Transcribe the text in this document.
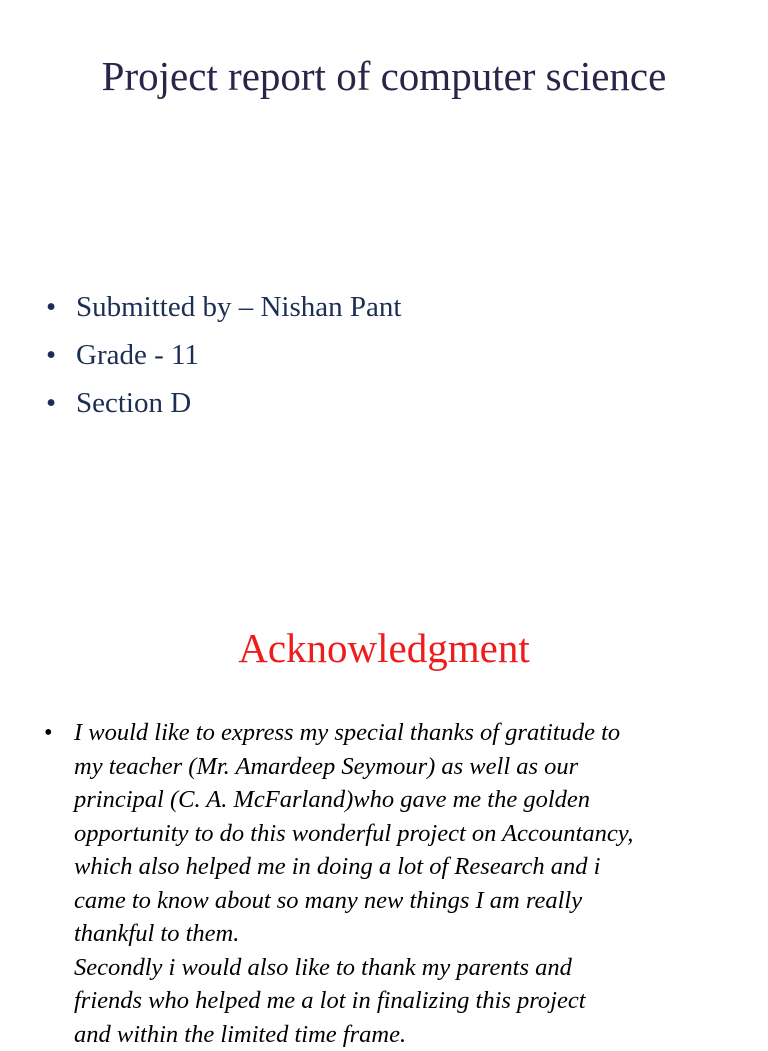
Project report of computer science
• Submitted by – Nishan Pant
• Grade - 11
• Section D
Acknowledgment
• I would like to express my special thanks of gratitude to
my teacher (Mr. Amardeep Seymour) as well as our
principal (C. A. McFarland)who gave me the golden
opportunity to do this wonderful project on Accountancy,
which also helped me in doing a lot of Research and i
came to know about so many new things I am really
thankful to them.
Secondly i would also like to thank my parents and
friends who helped me a lot in finalizing this project
and within the limited time frame.
